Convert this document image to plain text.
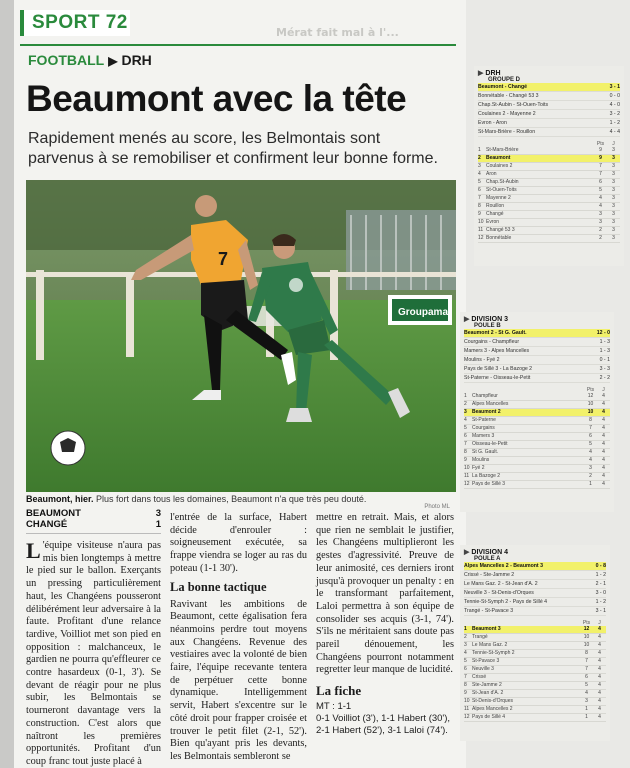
Mérat fait mal à l'...
SPORT 72
FOOTBALL ▶ DRH
Beaumont avec la tête

Rapidement menés au score, les Belmontais sont parvenus à se remobiliser et confirment leur bonne forme.

Groupama
7
Beaumont, hier. Plus fort dans tous les domaines, Beaumont n'a que très peu douté.
Photo ML
BEAUMONT	3
CHANGÉ	1

L 'équipe visiteuse n'aura pas mis bien longtemps à mettre le pied sur le ballon. Exerçants un pressing particulièrement haut, les Changéens pousseront délibérément leur adversaire à la faute. Profitant d'une relance tardive, Voilliot met son pied en opposition : malchanceux, le gardien ne pourra qu'effleurer ce contre hasardeux (0-1, 3'). Se devant de réagir pour ne plus subir, les Belmontais se tourneront davantage vers la construction. C'est alors que naîtront les premières opportunités. Profitant d'un coup franc tout juste placé à

l'entrée de la surface, Habert décide d'enrouler : soigneusement exécutée, sa frappe viendra se loger au ras du poteau (1-1 30').

La bonne tactique

Ravivant les ambitions de Beaumont, cette égalisation fera néanmoins perdre tout moyens aux Changéens. Revenue des vestiaires avec la volonté de bien faire, l'équipe recevante tentera de perpétuer cette bonne dynamique. Intelligemment servit, Habert s'excentre sur le côté droit pour frapper croisée et trouver le petit filet (2-1, 52'). Bien qu'ayant pris les devants, les Belmontais sembleront se

mettre en retrait. Mais, et alors que rien ne semblait le justifier, les Changéens multiplieront les gestes d'agressivité. Preuve de leur animosité, ces derniers iront jusqu'à provoquer un penalty : en le transformant parfaitement, Laloi permettra à son équipe de consolider ses acquis (3-1, 74'). S'ils ne méritaient sans doute pas pareil dénouement, les Changéens pourront notamment regretter leur manque de lucidité.

La fiche
MT : 1-1
0-1 Voilliot (3'), 1-1 Habert (30'),
2-1 Habert (52'), 3-1 Laloi (74').
▶ DRH
GROUPE D
Beaumont - Changé	3 - 1
Bonnétable - Changé 53 3	0 - 0
Chap.St-Aubin - St-Ouen-Toits	4 - 0
Coulaines 2 - Mayenne 2	3 - 2
Evron - Aron	1 - 2
St-Mars-Brière - Rouillon	4 - 4
Pts	J
1	St-Mars-Brière	9	3
2	Beaumont	9	3
3	Coulaines 2	7	3
4	Aron	7	3
5	Chap.St-Aubin	6	3
6	St-Ouen-Toits	5	3
7	Mayenne 2	4	3
8	Rouillon	4	3
9	Changé	3	3
10 Evron	3	3
11 Changé 53 3	2	3
12 Bonnétable	2	3
▶ DIVISION 3
POULE B
Beaumont 2 - St G. Gault.	12 - 0
Courgains - Champfleur	1 - 3
Mamers 3 - Alpes Mancelles	1 - 3
Moulins - Fyé 2	0 - 1
Pays de Sillé 3 - La Bazoge 2	3 - 3
St-Paterne - Oisseau-le-Petit	2 - 2
Pts	J
1	Champfleur	12	4
2	Alpes Mancelles	10	4
3	Beaumont 2	10	4
4	St-Paterne	8	4
5	Courgains	7	4
6	Mamers 3	6	4
7	Oisseau-le-Petit	5	4
8	St G. Gault.	4	4
9	Moulins	4	4
10 Fyé 2	3	4
11 La Bazoge 2	2	4
12 Pays de Sillé 3	1	4
▶ DIVISION 4
POULE A
Alpes Mancelles 2 - Beaumont 3	0 - 8
Crissé - Ste-Jamme 2	1 - 2
Le Mans Gaz. 2 - St-Jean d'A. 2	2 - 1
Neuville 3 - St-Denis-d'Orques	3 - 0
Tennie-St-Symph 2 - Pays de Sillé 4	1 - 2
Trangé - St-Pavace 3	3 - 1
Pts	J
1	Beaumont 3	12	4
2	Trangé	10	4
3	Le Mans Gaz. 2	10	4
4	Tennie-St-Symph 2	8	4
5	St-Pavace 3	7	4
6	Neuville 3	7	4
7	Crissé	6	4
8	Ste-Jamme 2	5	4
9	St-Jean d'A. 2	4	4
10 St-Denis-d'Orques	3	4
11 Alpes Mancelles 2	1	4
12 Pays de Sillé 4	1	4
